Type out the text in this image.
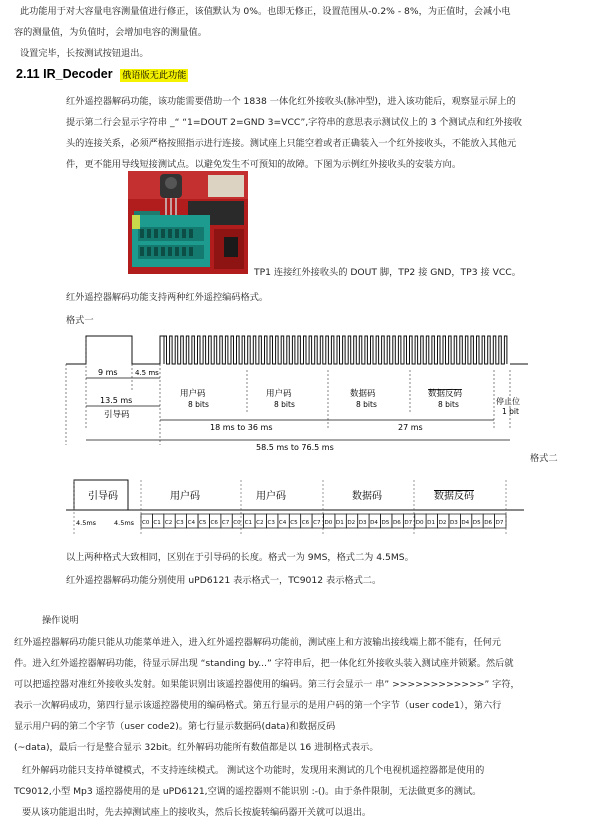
此功能用于对大容量电容测量值进行修正，该值默认为 0%。也即无修正，设置范围从-0.2% - 8%，为正值时，会减小电
容的测量值，为负值时，会增加电容的测量值。
设置完毕，长按测试按钮退出。
2.11 IR_Decoder 俄语版无此功能
红外遥控器解码功能，该功能需要借助一个 1838 一体化红外接收头(脉冲型)，进入该功能后，观察显示屏上的
提示第二行会显示字符串 _“ “1=DOUT 2=GND 3=VCC”,字符串的意思表示测试仪上的 3 个测试点和红外接收
头的连接关系，必须严格按照指示进行连接。测试座上只能空着或者正确装入一个红外接收头，不能放入其他元
件，更不能用导线短接测试点。以避免发生不可预知的故障。下图为示例红外接收头的安装方向。
TP1 连接红外接收头的 DOUT 脚，TP2 接 GND，TP3 接 VCC。
红外遥控器解码功能支持两种红外遥控编码格式。
格式一
9 ms 4.5 ms
用户码
8 bits
用户码
8 bits
数据码
8 bits
数据反码
8 bits	停止位
1 bit
13.5 ms
引导码
18 ms to 36 ms	27 ms
58.5 ms to 76.5 ms
格式二
引导码	用户码	用户码	数据码	数据反码
4.5ms	4.5ms C0 C1 C2 C3 C4 C5 C6 C7 C0 C1 C2 C3 C4 C5 C6 C7 D0 D1 D2 D3 D4 D5 D6 D7 D0 D1 D2 D3 D4 D5 D6 D7
以上两种格式大致相同，区别在于引导码的长度。格式一为 9MS，格式二为 4.5MS。
红外遥控器解码功能分别使用 uPD6121 表示格式一，TC9012 表示格式二。
操作说明
红外遥控器解码功能只能从功能菜单进入，进入红外遥控器解码功能前，测试座上和方波输出接线端上都不能有，任何元
件。进入红外遥控器解码功能，待显示屏出现 “standing by...” 字符串后，把一体化红外接收头装入测试座并锁紧。然后就
可以把遥控器对准红外接收头发射。如果能识别出该遥控器使用的编码。第三行会显示一 串” >>>>>>>>>>>>” 字符，
表示一次解码成功，第四行显示该遥控器使用的编码格式。第五行显示的是用户码的第一个字节（user code1），第六行
显示用户码的第二个字节（user code2)。第七行显示数据码(data)和数据反码
(~data)，最后一行是整合显示 32bit。红外解码功能所有数值都是以 16 进制格式表示。
红外解码功能只支持单键模式，不支持连续模式。 测试这个功能时，发现用来测试的几个电视机遥控器都是使用的
TC9012,小型 Mp3 遥控器使用的是 uPD6121,空调的遥控器则不能识别 :-()。由于条件限制，无法做更多的测试。
要从该功能退出时，先去掉测试座上的接收头，然后长按旋转编码器开关就可以退出。
